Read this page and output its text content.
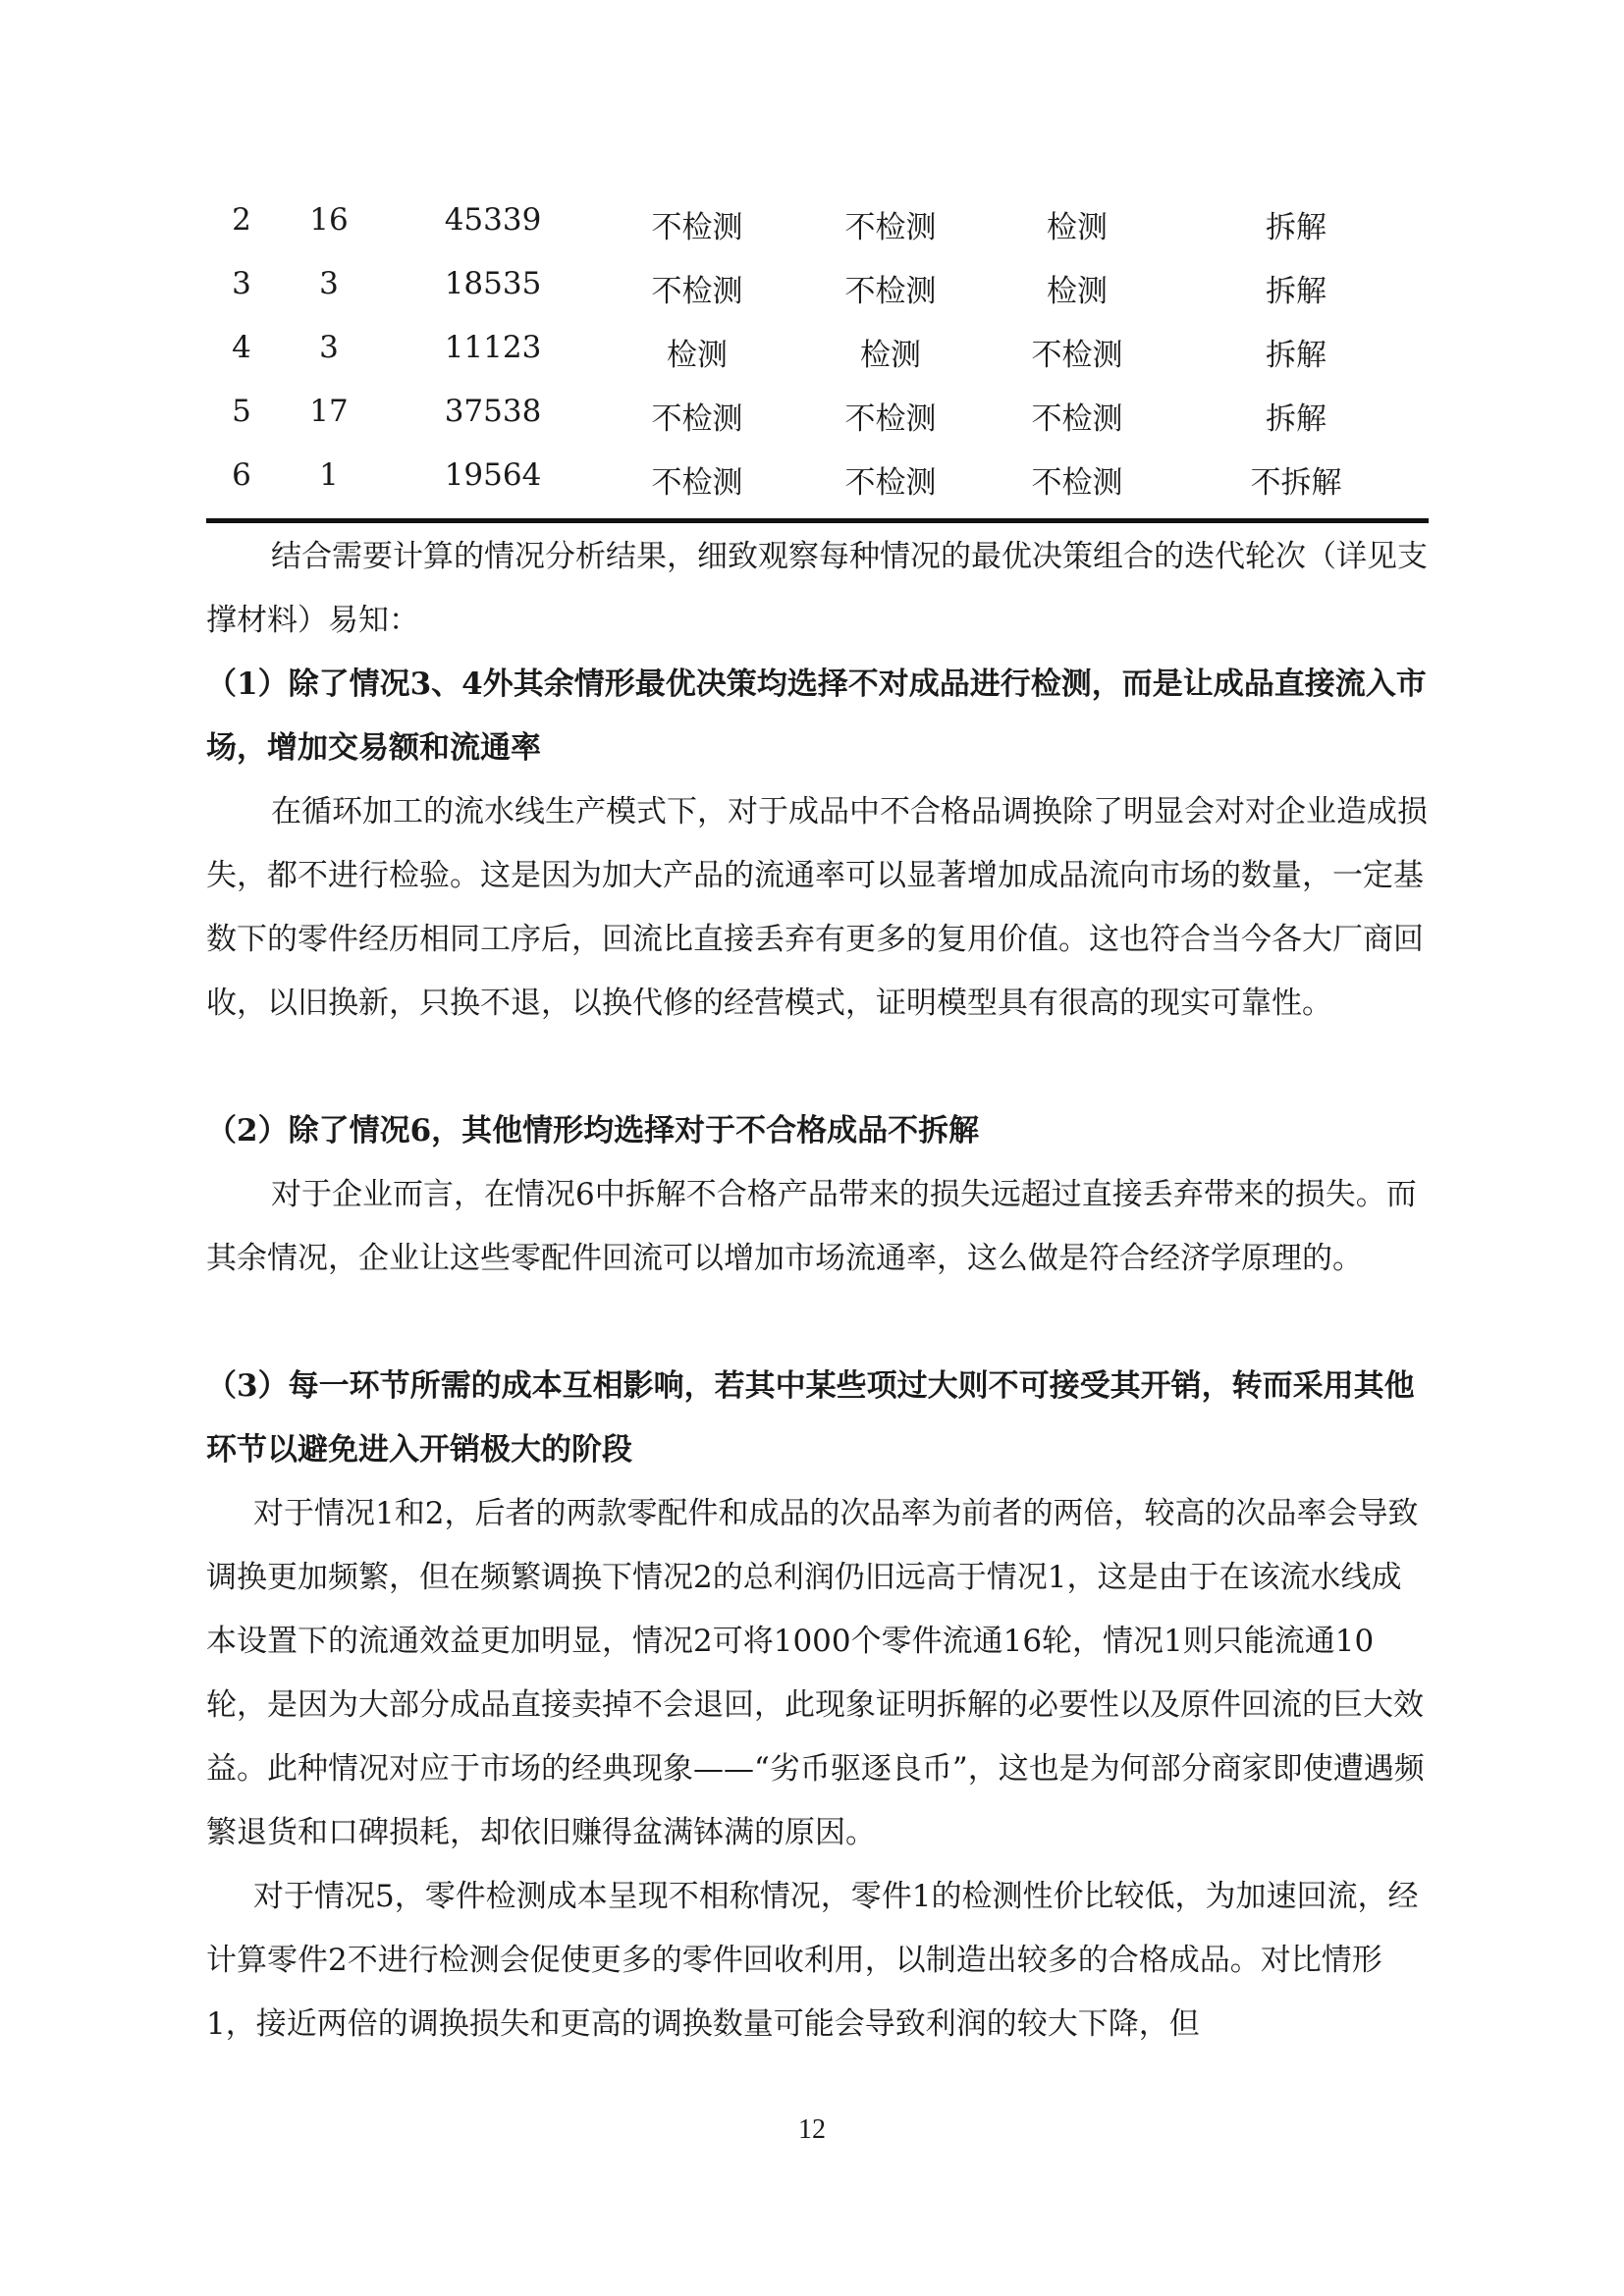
2 16	45339	不检测	不检测	检测	拆解
3 3	18535	不检测	不检测	检测	拆解
4 3	11123	检测	检测	不检测	拆解
5 17	37538	不检测	不检测	不检测	拆解
6 1	19564	不检测	不检测	不检测	不拆解

结合需要计算的情况分析结果，细致观察每种情况的最优决策组合的迭代轮次（详见支撑材料）易知：

（1）除了情况3、4外其余情形最优决策均选择不对成品进行检测，而是让成品直接流入市场，增加交易额和流通率

在循环加工的流水线生产模式下，对于成品中不合格品调换除了明显会对对企业造成损失，都不进行检验。这是因为加大产品的流通率可以显著增加成品流向市场的数量，一定基数下的零件经历相同工序后，回流比直接丢弃有更多的复用价值。这也符合当今各大厂商回收，以旧换新，只换不退，以换代修的经营模式，证明模型具有很高的现实可靠性。

（2）除了情况6，其他情形均选择对于不合格成品不拆解

对于企业而言，在情况6中拆解不合格产品带来的损失远超过直接丢弃带来的损失。而其余情况，企业让这些零配件回流可以增加市场流通率，这么做是符合经济学原理的。

（3）每一环节所需的成本互相影响，若其中某些项过大则不可接受其开销，转而采用其他环节以避免进入开销极大的阶段

对于情况1和2，后者的两款零配件和成品的次品率为前者的两倍，较高的次品率会导致调换更加频繁，但在频繁调换下情况2的总利润仍旧远高于情况1，这是由于在该流水线成本设置下的流通效益更加明显，情况2可将1000个零件流通16轮，情况1则只能流通10轮，是因为大部分成品直接卖掉不会退回，此现象证明拆解的必要性以及原件回流的巨大效益。此种情况对应于市场的经典现象——“劣币驱逐良币”，这也是为何部分商家即使遭遇频繁退货和口碑损耗，却依旧赚得盆满钵满的原因。

对于情况5，零件检测成本呈现不相称情况，零件1的检测性价比较低，为加速回流，经计算零件2不进行检测会促使更多的零件回收利用，以制造出较多的合格成品。对比情形1，接近两倍的调换损失和更高的调换数量可能会导致利润的较大下降，但

12
